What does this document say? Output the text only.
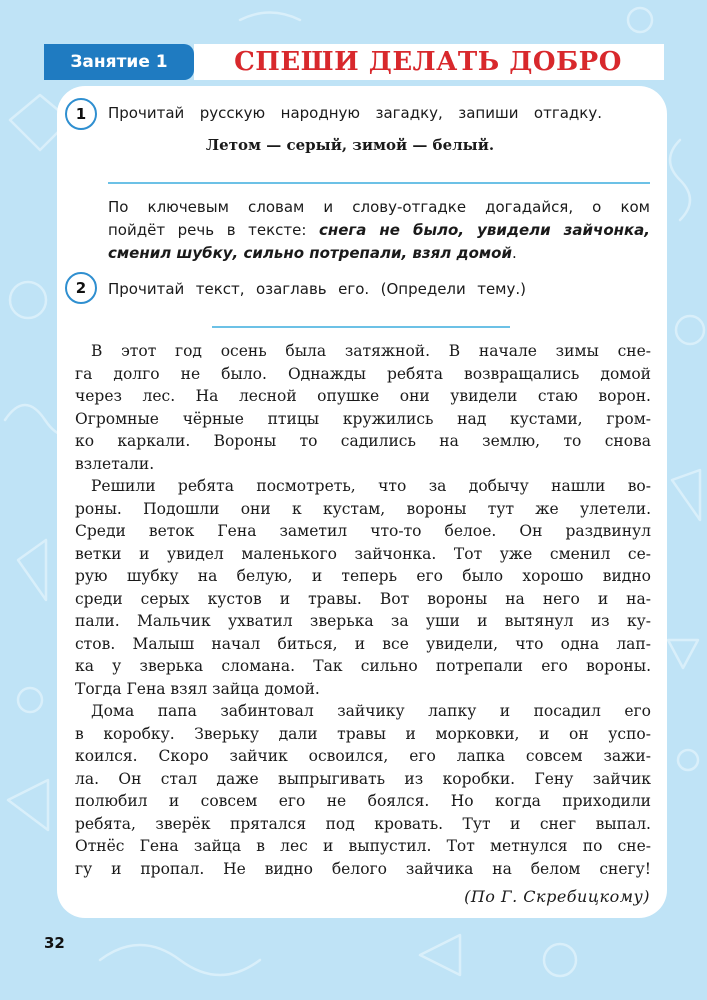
Занятие 1	СПЕШИ ДЕЛАТЬ ДОБРО
1	Прочитай русскую народную загадку, запиши отгадку.
Летом — серый, зимой — белый.
По ключевым словам и слову-отгадке догадайся, о ком
пойдёт речь в тексте: снега не было, увидели зайчонка,
сменил шубку, сильно потрепали, взял домой.
2	Прочитай текст, озаглавь его. (Определи тему.)
В этот год осень была затяжной. В начале зимы сне-
га долго не было. Однажды ребята возвращались домой
через лес. На лесной опушке они увидели стаю ворон.
Огромные чёрные птицы кружились над кустами, гром-
ко каркали. Вороны то садились на землю, то снова
взлетали.
Решили ребята посмотреть, что за добычу нашли во-
роны. Подошли они к кустам, вороны тут же улетели.
Среди веток Гена заметил что-то белое. Он раздвинул
ветки и увидел маленького зайчонка. Тот уже сменил се-
рую шубку на белую, и теперь его было хорошо видно
среди серых кустов и травы. Вот вороны на него и на-
пали. Мальчик ухватил зверька за уши и вытянул из ку-
стов. Малыш начал биться, и все увидели, что одна лап-
ка у зверька сломана. Так сильно потрепали его вороны.
Тогда Гена взял зайца домой.
Дома папа забинтовал зайчику лапку и посадил его
в коробку. Зверьку дали травы и морковки, и он успо-
коился. Скоро зайчик освоился, его лапка совсем зажи-
ла. Он стал даже выпрыгивать из коробки. Гену зайчик
полюбил и совсем его не боялся. Но когда приходили
ребята, зверёк прятался под кровать. Тут и снег выпал.
Отнёс Гена зайца в лес и выпустил. Тот метнулся по сне-
гу и пропал. Не видно белого зайчика на белом снегу!
(По Г. Скребицкому)
32
